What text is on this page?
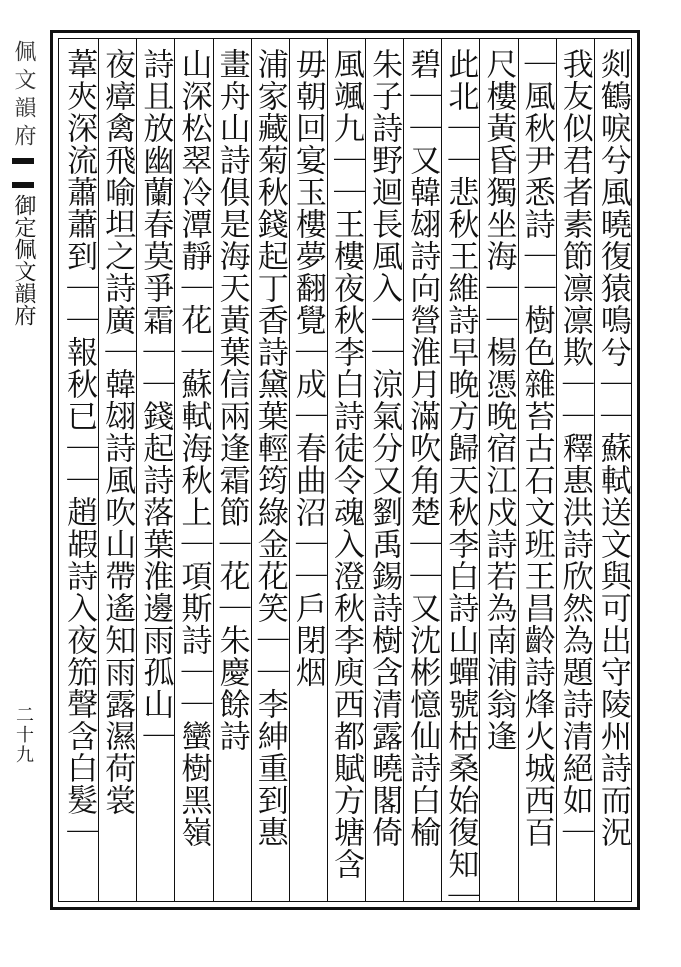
佩文韻府御定佩文韻府
二十九	剡鶴唳兮風曉復猿鳴兮｜｜蘇軾送文與可出守陵州詩而況
我友似君者素節凛凛欺｜｜釋惠洪詩欣然為題詩清絕如｜
｜風秋尹悉詩｜｜樹色雜苔古石文班王昌齡詩烽火城西百
尺樓黃昏獨坐海｜｜楊憑晚宿江戍詩若為南浦翁逢
此北｜｜悲秋王維詩早晚方歸天秋李白詩山蟬號枯桑始復知｜
碧｜｜又韓翃詩向營淮月滿吹角楚｜｜又沈彬憶仙詩白榆
朱子詩野迴長風入｜｜涼氣分又劉禹錫詩樹含清露曉閣倚
風颯九｜｜王樓夜秋李白詩徒令魂入澄秋李庾西都賦方塘含
毋朝回宴玉樓夢翻覺｜成｜春曲沼｜｜戶閉烟
浦家藏菊秋錢起丁香詩黛葉輕筠綠金花笑｜｜李紳重到惠
畫舟山詩俱是海天黃葉信兩逢霜節｜花｜朱慶餘詩
山深松翠冷潭靜｜花｜蘇軾海秋上｜項斯詩｜｜蠻樹黑嶺
詩且放幽蘭春莫爭霜｜｜錢起詩落葉淮邊雨孤山｜
夜瘴禽飛喻坦之詩廣｜韓翃詩風吹山帶遙知雨露濕荷裳
葦夾深流蕭蕭到｜｜報秋已｜｜趙嘏詩入夜笳聲含白髮｜
